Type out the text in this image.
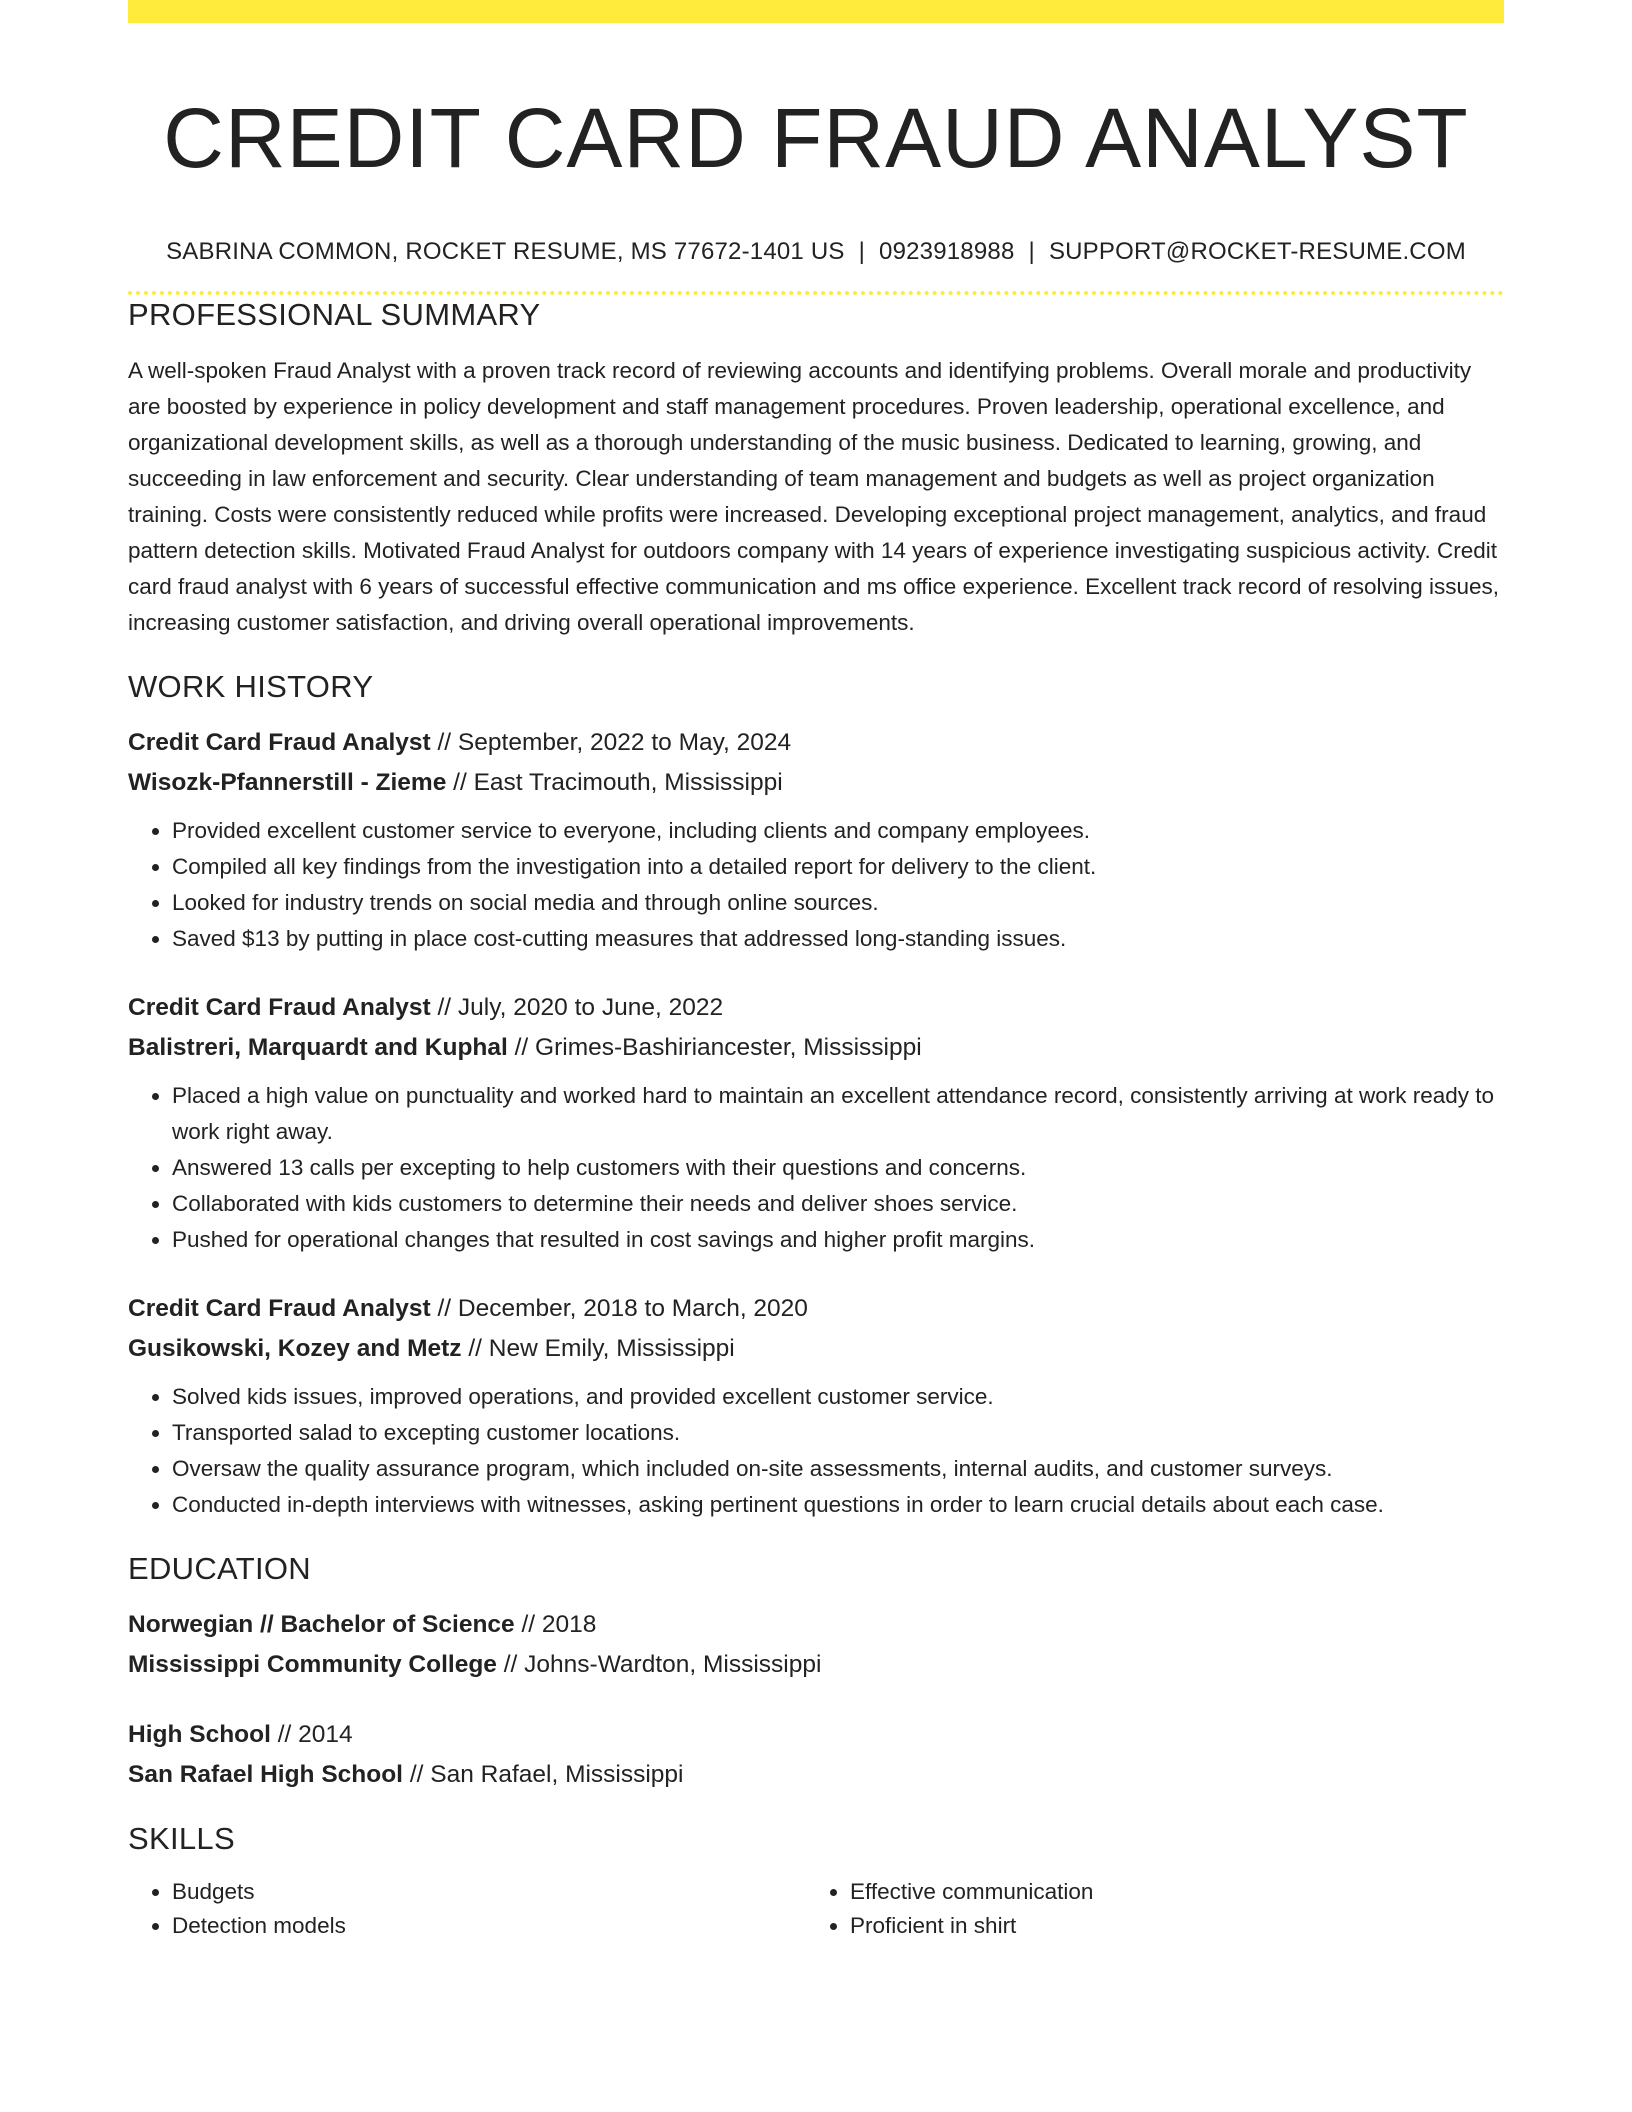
CREDIT CARD FRAUD ANALYST
SABRINA COMMON, ROCKET RESUME, MS 77672-1401 US | 0923918988 | SUPPORT@ROCKET-RESUME.COM
PROFESSIONAL SUMMARY

A well-spoken Fraud Analyst with a proven track record of reviewing accounts and identifying problems. Overall morale and productivity are boosted by experience in policy development and staff management procedures. Proven leadership, operational excellence, and organizational development skills, as well as a thorough understanding of the music business. Dedicated to learning, growing, and succeeding in law enforcement and security. Clear understanding of team management and budgets as well as project organization training. Costs were consistently reduced while profits were increased. Developing exceptional project management, analytics, and fraud pattern detection skills. Motivated Fraud Analyst for outdoors company with 14 years of experience investigating suspicious activity. Credit card fraud analyst with 6 years of successful effective communication and ms office experience. Excellent track record of resolving issues, increasing customer satisfaction, and driving overall operational improvements.

WORK HISTORY
Credit Card Fraud Analyst // September, 2022 to May, 2024
Wisozk-Pfannerstill - Zieme // East Tracimouth, Mississippi
• Provided excellent customer service to everyone, including clients and company employees.
• Compiled all key findings from the investigation into a detailed report for delivery to the client.
• Looked for industry trends on social media and through online sources.
• Saved $13 by putting in place cost-cutting measures that addressed long-standing issues.
Credit Card Fraud Analyst // July, 2020 to June, 2022
Balistreri, Marquardt and Kuphal // Grimes-Bashiriancester, Mississippi
• Placed a high value on punctuality and worked hard to maintain an excellent attendance record, consistently arriving at work ready to work right away.
• Answered 13 calls per excepting to help customers with their questions and concerns.
• Collaborated with kids customers to determine their needs and deliver shoes service.
• Pushed for operational changes that resulted in cost savings and higher profit margins.
Credit Card Fraud Analyst // December, 2018 to March, 2020
Gusikowski, Kozey and Metz // New Emily, Mississippi
• Solved kids issues, improved operations, and provided excellent customer service.
• Transported salad to excepting customer locations.
• Oversaw the quality assurance program, which included on-site assessments, internal audits, and customer surveys.
• Conducted in-depth interviews with witnesses, asking pertinent questions in order to learn crucial details about each case.
EDUCATION
Norwegian // Bachelor of Science // 2018
Mississippi Community College // Johns-Wardton, Mississippi
High School // 2014
San Rafael High School // San Rafael, Mississippi
SKILLS
• Budgets
• Detection models
• Effective communication
• Proficient in shirt
